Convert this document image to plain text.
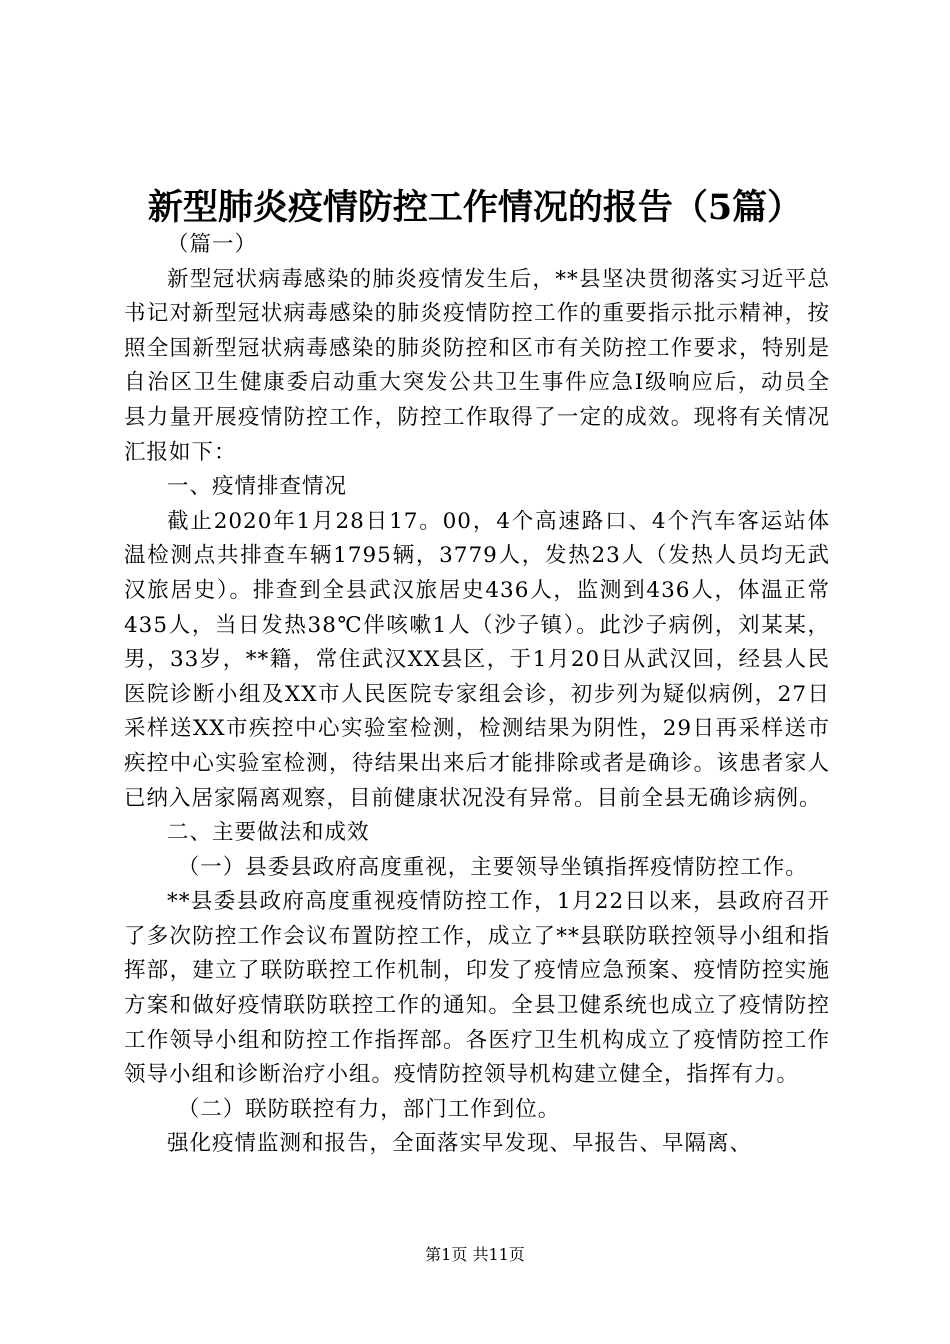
新型肺炎疫情防控工作情况的报告（5篇）

（篇一）

新型冠状病毒感染的肺炎疫情发生后，**县坚决贯彻落实习近平总书记对新型冠状病毒感染的肺炎疫情防控工作的重要指示批示精神，按照全国新型冠状病毒感染的肺炎防控和区市有关防控工作要求，特别是自治区卫生健康委启动重大突发公共卫生事件应急Ⅰ级响应后，动员全县力量开展疫情防控工作，防控工作取得了一定的成效。现将有关情况汇报如下：

一、疫情排查情况

截止2020年1月28日17。00，4个高速路口、4个汽车客运站体温检测点共排查车辆1795辆，3779人，发热23人（发热人员均无武汉旅居史）。排查到全县武汉旅居史436人，监测到436人，体温正常435人，当日发热38℃伴咳嗽1人（沙子镇）。此沙子病例，刘某某，男，33岁，**籍，常住武汉XX县区，于1月20日从武汉回，经县人民医院诊断小组及XX市人民医院专家组会诊，初步列为疑似病例，27日采样送XX市疾控中心实验室检测，检测结果为阴性，29日再采样送市疾控中心实验室检测，待结果出来后才能排除或者是确诊。该患者家人已纳入居家隔离观察，目前健康状况没有异常。目前全县无确诊病例。

二、主要做法和成效

（一）县委县政府高度重视，主要领导坐镇指挥疫情防控工作。

**县委县政府高度重视疫情防控工作，1月22日以来，县政府召开了多次防控工作会议布置防控工作，成立了**县联防联控领导小组和指挥部，建立了联防联控工作机制，印发了疫情应急预案、疫情防控实施方案和做好疫情联防联控工作的通知。全县卫健系统也成立了疫情防控工作领导小组和防控工作指挥部。各医疗卫生机构成立了疫情防控工作领导小组和诊断治疗小组。疫情防控领导机构建立健全，指挥有力。

（二）联防联控有力，部门工作到位。

强化疫情监测和报告，全面落实早发现、早报告、早隔离、

第1页 共11页
